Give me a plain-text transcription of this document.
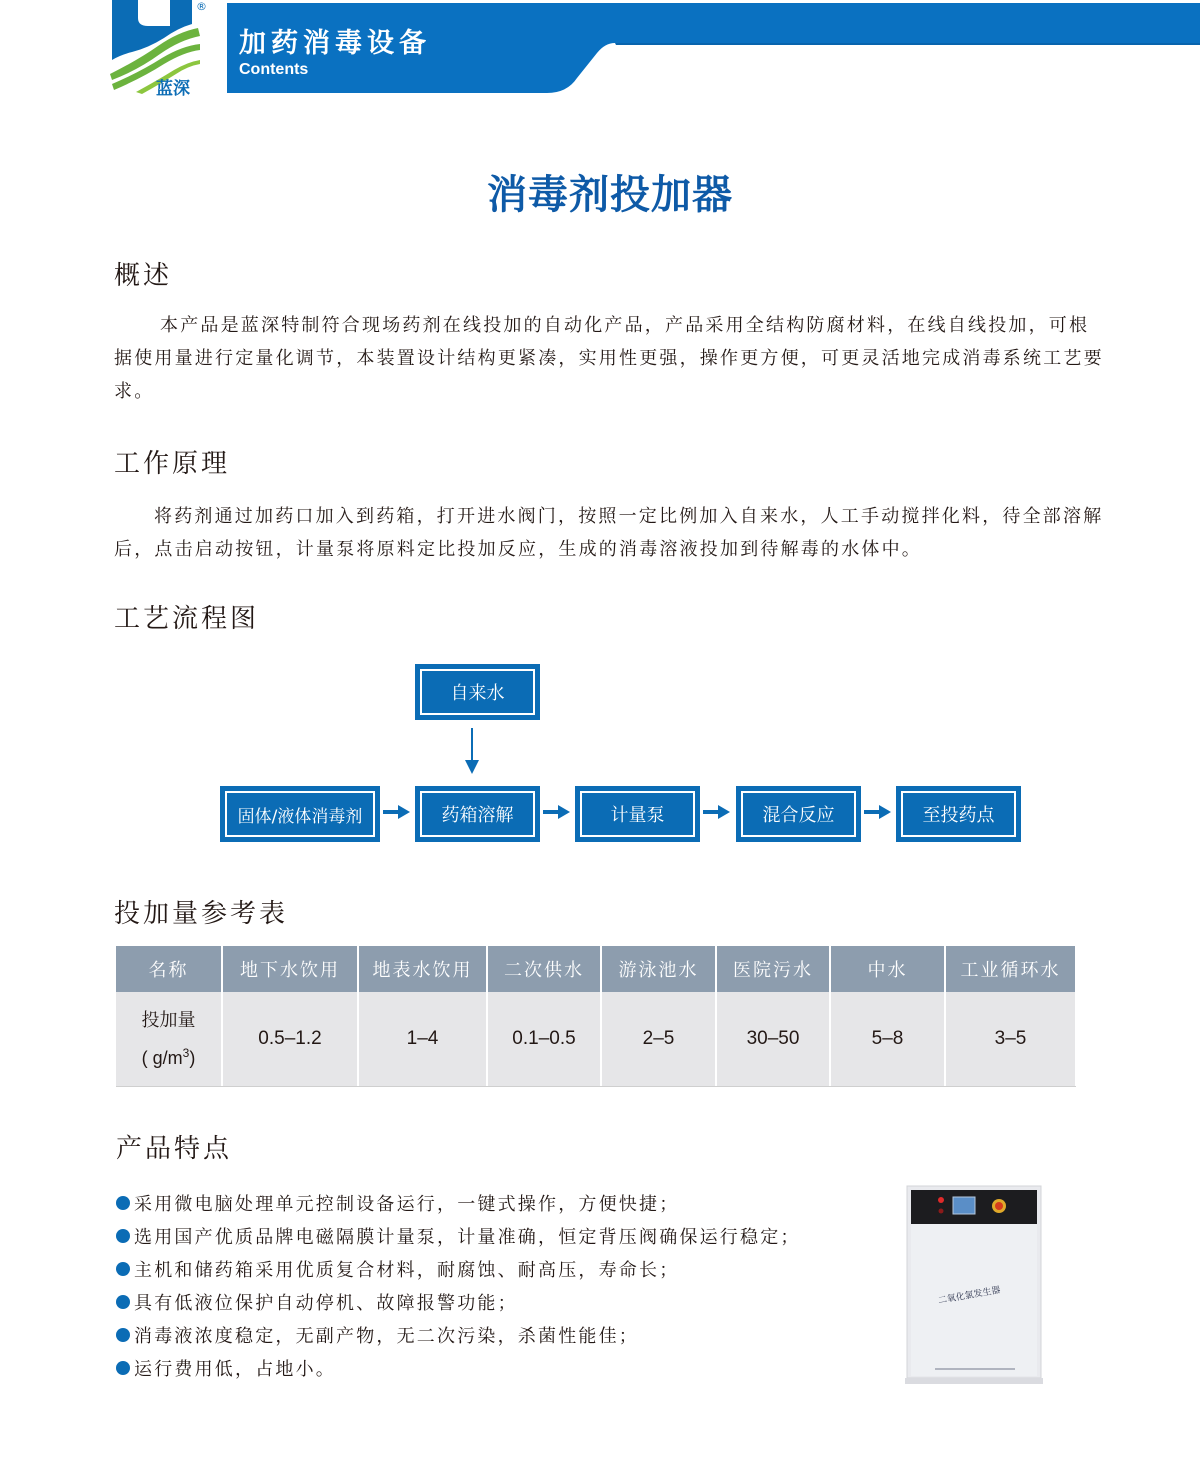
蓝深
®
加药消毒设备
Contents
消毒剂投加器
概述
本产品是蓝深特制符合现场药剂在线投加的自动化产品，产品采用全结构防腐材料，在线自线投加，可根据使用量进行定量化调节，本装置设计结构更紧凑，实用性更强，操作更方便，可更灵活地完成消毒系统工艺要求。
工作原理
将药剂通过加药口加入到药箱，打开进水阀门，按照一定比例加入自来水，人工手动搅拌化料，待全部溶解后，点击启动按钮，计量泵将原料定比投加反应，生成的消毒溶液投加到待解毒的水体中。
工艺流程图
自来水
固体/液体消毒剂	药箱溶解	计量泵	混合反应	至投药点
投加量参考表
名称	地下水饮用	地表水饮用	二次供水	游泳池水	医院污水	中水	工业循环水

投加量
( $g/m^3$)	0.5–1.2	1–4	0.1–0.5	2–5	30–50	5–8	3–5
产品特点
采用微电脑处理单元控制设备运行，一键式操作，方便快捷；
选用国产优质品牌电磁隔膜计量泵，计量准确，恒定背压阀确保运行稳定；
主机和储药箱采用优质复合材料，耐腐蚀、耐高压，寿命长；
具有低液位保护自动停机、故障报警功能；
消毒液浓度稳定，无副产物，无二次污染，杀菌性能佳；
运行费用低，占地小。
二氧化氯发生器
